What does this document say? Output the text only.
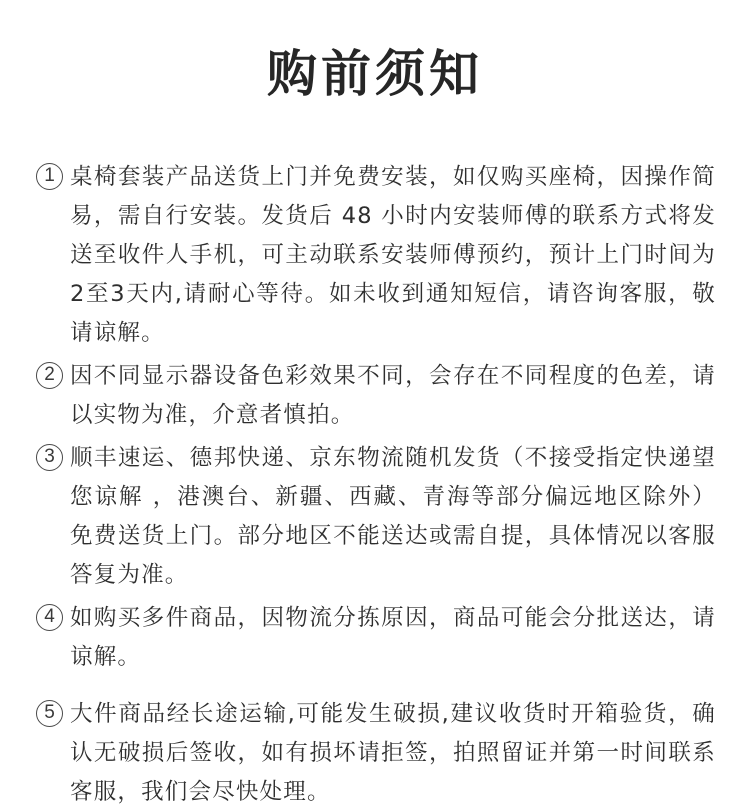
购前须知
1 桌椅套装产品送货上门并免费安装，如仅购买座椅，因操作简易，需自行安装。发货后 48 小时内安装师傅的联系方式将发送至收件人手机，可主动联系安装师傅预约，预计上门时间为2至3天内,请耐心等待。如未收到通知短信，请咨询客服，敬请谅解。
2 因不同显示器设备色彩效果不同，会存在不同程度的色差，请以实物为准，介意者慎拍。
3 顺丰速运、德邦快递、京东物流随机发货（不接受指定快递望您谅解 ，港澳台、新疆、西藏、青海等部分偏远地区除外）免费送货上门。部分地区不能送达或需自提，具体情况以客服答复为准。
4 如购买多件商品，因物流分拣原因，商品可能会分批送达，请谅解。
5 大件商品经长途运输,可能发生破损,建议收货时开箱验货，确认无破损后签收，如有损坏请拒签，拍照留证并第一时间联系客服，我们会尽快处理。
